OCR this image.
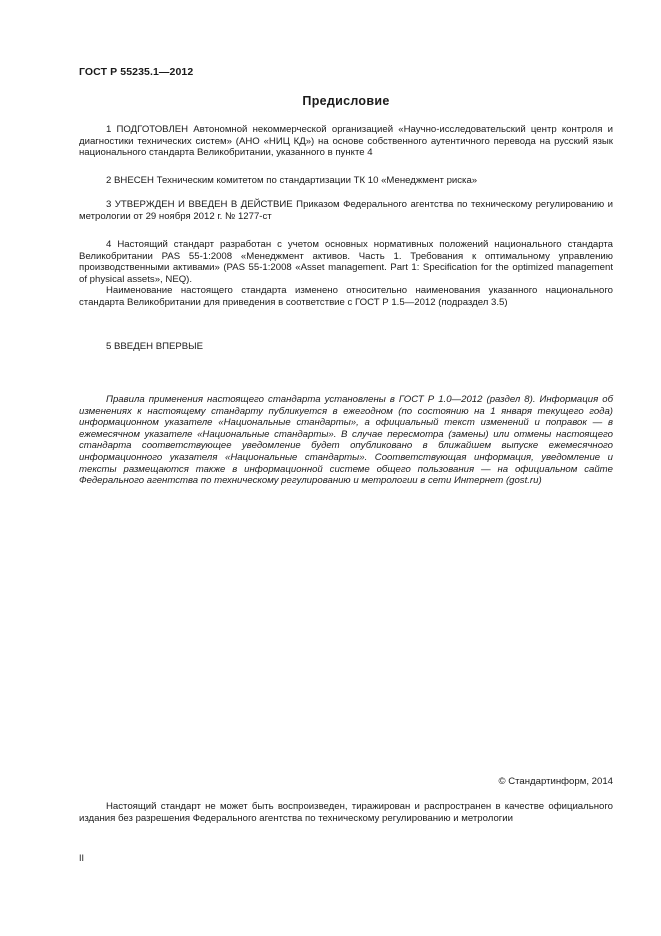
ГОСТ Р 55235.1—2012
Предисловие

1 ПОДГОТОВЛЕН Автономной некоммерческой организацией «Научно-исследовательский центр контроля и диагностики технических систем» (АНО «НИЦ КД») на основе собственного аутентичного перевода на русский язык национального стандарта Великобритании, указанного в пункте 4

2 ВНЕСЕН Техническим комитетом по стандартизации ТК 10 «Менеджмент риска»

3 УТВЕРЖДЕН И ВВЕДЕН В ДЕЙСТВИЕ Приказом Федерального агентства по техническому регулированию и метрологии от 29 ноября 2012 г. № 1277-ст

4 Настоящий стандарт разработан с учетом основных нормативных положений национального стандарта Великобритании PAS 55-1:2008 «Менеджмент активов. Часть 1. Требования к оптимальному управлению производственными активами» (PAS 55-1:2008 «Asset management. Part 1: Specification for the optimized management of physical assets», NEQ).

Наименование настоящего стандарта изменено относительно наименования указанного национального стандарта Великобритании для приведения в соответствие с ГОСТ Р 1.5—2012 (подраздел 3.5)

5 ВВЕДЕН ВПЕРВЫЕ

Правила применения настоящего стандарта установлены в ГОСТ Р 1.0—2012 (раздел 8). Информация об изменениях к настоящему стандарту публикуется в ежегодном (по состоянию на 1 января текущего года) информационном указателе «Национальные стандарты», а официальный текст изменений и поправок — в ежемесячном указателе «Национальные стандарты». В случае пересмотра (замены) или отмены настоящего стандарта соответствующее уведомление будет опубликовано в ближайшем выпуске ежемесячного информационного указателя «Национальные стандарты». Соответствующая информация, уведомление и тексты размещаются также в информационной системе общего пользования — на официальном сайте Федерального агентства по техническому регулированию и метрологии в сети Интернет (gost.ru)

© Стандартинформ, 2014

Настоящий стандарт не может быть воспроизведен, тиражирован и распространен в качестве официального издания без разрешения Федерального агентства по техническому регулированию и метрологии

II
